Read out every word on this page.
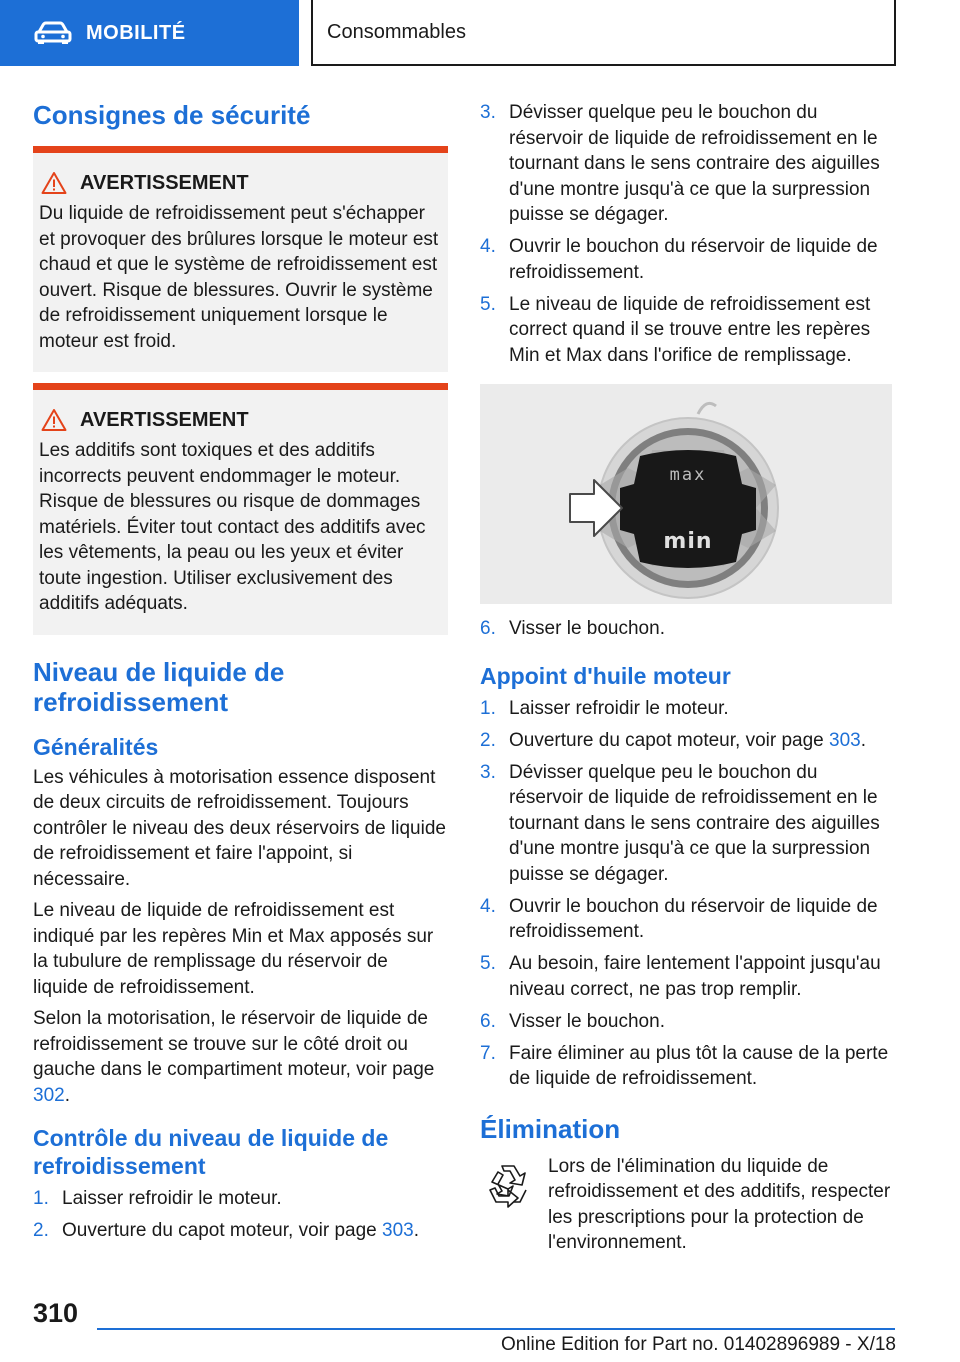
MOBILITÉ	Consommables
Consignes de sécurité
AVERTISSEMENT
Du liquide de refroidissement peut s'échapper et provoquer des brûlures lorsque le moteur est chaud et que le système de refroidissement est ouvert. Risque de blessures. Ouvrir le système de refroidissement uniquement lorsque le moteur est froid.
AVERTISSEMENT
Les additifs sont toxiques et des additifs incorrects peuvent endommager le moteur. Risque de blessures ou risque de dommages matériels. Éviter tout contact des additifs avec les vêtements, la peau ou les yeux et éviter toute ingestion. Utiliser exclusivement des additifs adéquats.
Niveau de liquide de refroidissement
Généralités

Les véhicules à motorisation essence disposent de deux circuits de refroidissement. Toujours contrôler le niveau des deux réservoirs de liquide de refroidissement et faire l'appoint, si nécessaire.

Le niveau de liquide de refroidissement est indiqué par les repères Min et Max apposés sur la tubulure de remplissage du réservoir de liquide de refroidissement.

Selon la motorisation, le réservoir de liquide de refroidissement se trouve sur le côté droit ou gauche dans le compartiment moteur, voir page 302.

Contrôle du niveau de liquide de refroidissement
1. Laisser refroidir le moteur.
2. Ouverture du capot moteur, voir page 303.
3. Dévisser quelque peu le bouchon du réservoir de liquide de refroidissement en le tournant dans le sens contraire des aiguilles d'une montre jusqu'à ce que la surpression puisse se dégager.
4. Ouvrir le bouchon du réservoir de liquide de refroidissement.
5. Le niveau de liquide de refroidissement est correct quand il se trouve entre les repères Min et Max dans l'orifice de remplissage.
max
min
6. Visser le bouchon.
Appoint d'huile moteur
1. Laisser refroidir le moteur.
2. Ouverture du capot moteur, voir page 303.
3. Dévisser quelque peu le bouchon du réservoir de liquide de refroidissement en le tournant dans le sens contraire des aiguilles d'une montre jusqu'à ce que la surpression puisse se dégager.
4. Ouvrir le bouchon du réservoir de liquide de refroidissement.
5. Au besoin, faire lentement l'appoint jusqu'au niveau correct, ne pas trop remplir.
6. Visser le bouchon.
7. Faire éliminer au plus tôt la cause de la perte de liquide de refroidissement.
Élimination

Lors de l'élimination du liquide de refroidissement et des additifs, respecter les prescriptions pour la protection de l'environnement.

310
Online Edition for Part no. 01402896989 - X/18
